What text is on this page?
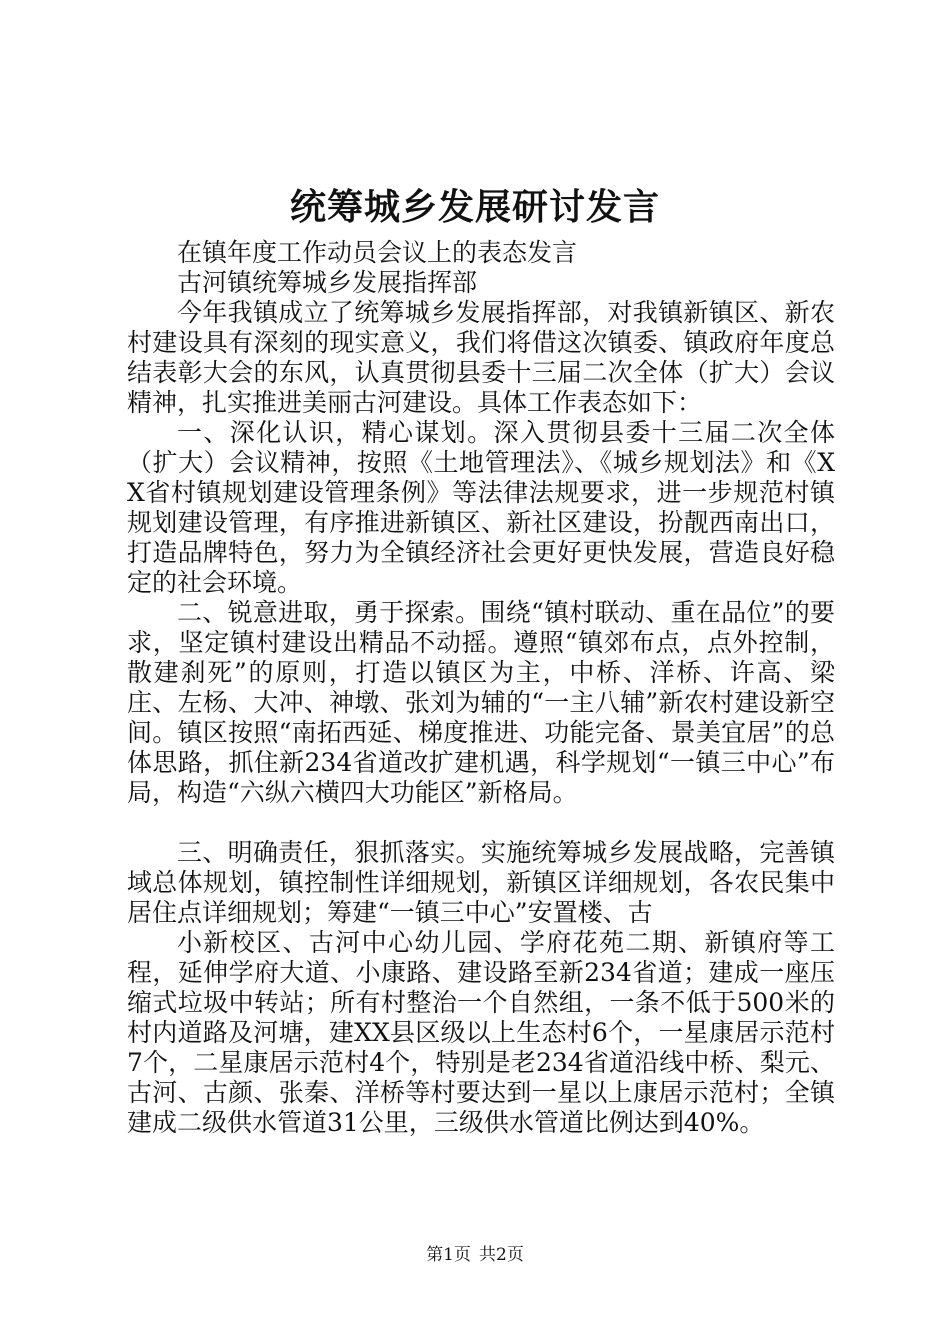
统筹城乡发展研讨发言

在镇年度工作动员会议上的表态发言

古河镇统筹城乡发展指挥部

今年我镇成立了统筹城乡发展指挥部，对我镇新镇区、新农村建设具有深刻的现实意义，我们将借这次镇委、镇政府年度总结表彰大会的东风，认真贯彻县委十三届二次全体（扩大）会议精神，扎实推进美丽古河建设。具体工作表态如下：

一、深化认识，精心谋划。深入贯彻县委十三届二次全体（扩大）会议精神，按照《土地管理法》、《城乡规划法》和《XX省村镇规划建设管理条例》等法律法规要求，进一步规范村镇规划建设管理，有序推进新镇区、新社区建设，扮靓西南出口，打造品牌特色，努力为全镇经济社会更好更快发展，营造良好稳定的社会环境。

二、锐意进取，勇于探索。围绕“镇村联动、重在品位”的要求，坚定镇村建设出精品不动摇。遵照“镇郊布点，点外控制，散建刹死”的原则，打造以镇区为主，中桥、洋桥、许高、梁庄、左杨、大冲、神墩、张刘为辅的“一主八辅”新农村建设新空间。镇区按照“南拓西延、梯度推进、功能完备、景美宜居”的总体思路，抓住新234省道改扩建机遇，科学规划“一镇三中心”布局，构造“六纵六横四大功能区”新格局。

三、明确责任，狠抓落实。实施统筹城乡发展战略，完善镇域总体规划，镇控制性详细规划，新镇区详细规划，各农民集中居住点详细规划；筹建“一镇三中心”安置楼、古

小新校区、古河中心幼儿园、学府花苑二期、新镇府等工程，延伸学府大道、小康路、建设路至新234省道；建成一座压缩式垃圾中转站；所有村整治一个自然组，一条不低于500米的村内道路及河塘，建XX县区级以上生态村6个，一星康居示范村7个，二星康居示范村4个，特别是老234省道沿线中桥、梨元、古河、古颜、张秦、洋桥等村要达到一星以上康居示范村；全镇建成二级供水管道31公里，三级供水管道比例达到40%。

第1页 共2页
